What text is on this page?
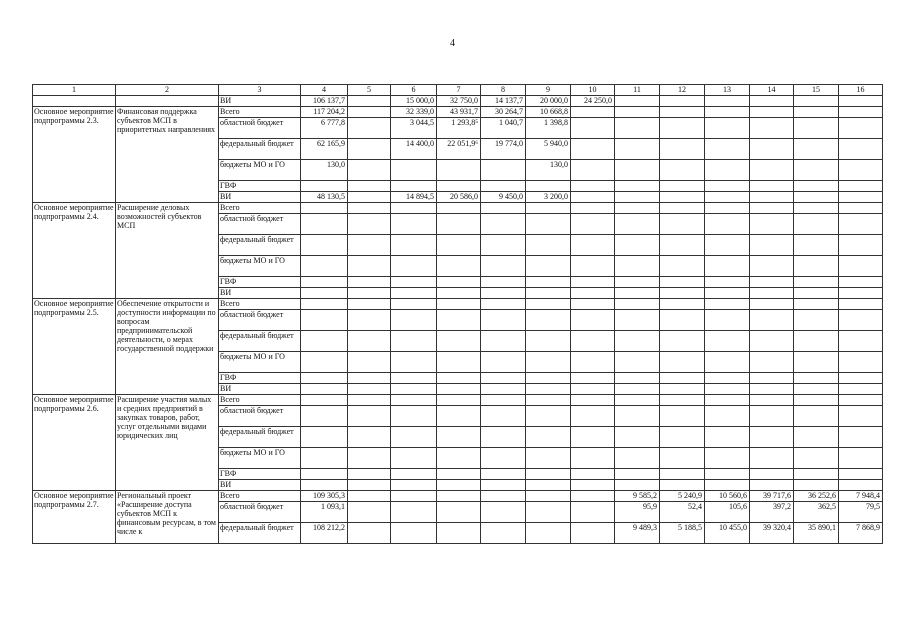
4
1	2	3	4	5	6	7	8	9	10	11	12	13	14	15	16
		ВИ	106 137,7		15 000,0	32 750,0	14 137,7	20 000,0	24 250,0						
Основное мероприятие подпрограммы 2.3.	Финансовая поддержка субъектов МСП в приоритетных направлениях	Всего	117 204,2		32 339,0	43 931,7	30 264,7	10 668,8							
		областной бюджет	6 777,8		3 044,5	1 293,8⁵	1 040,7	1 398,8							
		федеральный бюджет	62 165,9		14 400,0	22 051,9⁶	19 774,0	5 940,0							
		бюджеты МО и ГО	130,0					130,0							
		ГВФ													
		ВИ	48 130,5		14 894,5	20 586,0	9 450,0	3 200,0							
Основное мероприятие подпрограммы 2.4.	Расширение деловых возможностей субъектов МСП	Всего													
		областной бюджет													
		федеральный бюджет													
		бюджеты МО и ГО													
		ГВФ													
		ВИ													
Основное мероприятие подпрограммы 2.5.	Обеспечение открытости и доступности информации по вопросам предпринимательской деятельности, о мерах государственной поддержки	Всего													
		областной бюджет													
		федеральный бюджет													
		бюджеты МО и ГО													
		ГВФ													
		ВИ													
Основное мероприятие подпрограммы 2.6.	Расширение участия малых и средних предприятий в закупках товаров, работ, услуг отдельными видами юридических лиц	Всего													
		областной бюджет													
		федеральный бюджет													
		бюджеты МО и ГО													
		ГВФ													
		ВИ													
Основное мероприятие подпрограммы 2.7.	Региональный проект «Расширение доступа субъектов МСП к финансовым ресурсам, в том числе к	Всего	109 305,3							9 585,2	5 240,9	10 560,6	39 717,6	36 252,6	7 948,4
		областной бюджет	1 093,1							95,9	52,4	105,6	397,2	362,5	79,5
		федеральный бюджет	108 212,2							9 489,3	5 188,5	10 455,0	39 320,4	35 890,1	7 868,9
